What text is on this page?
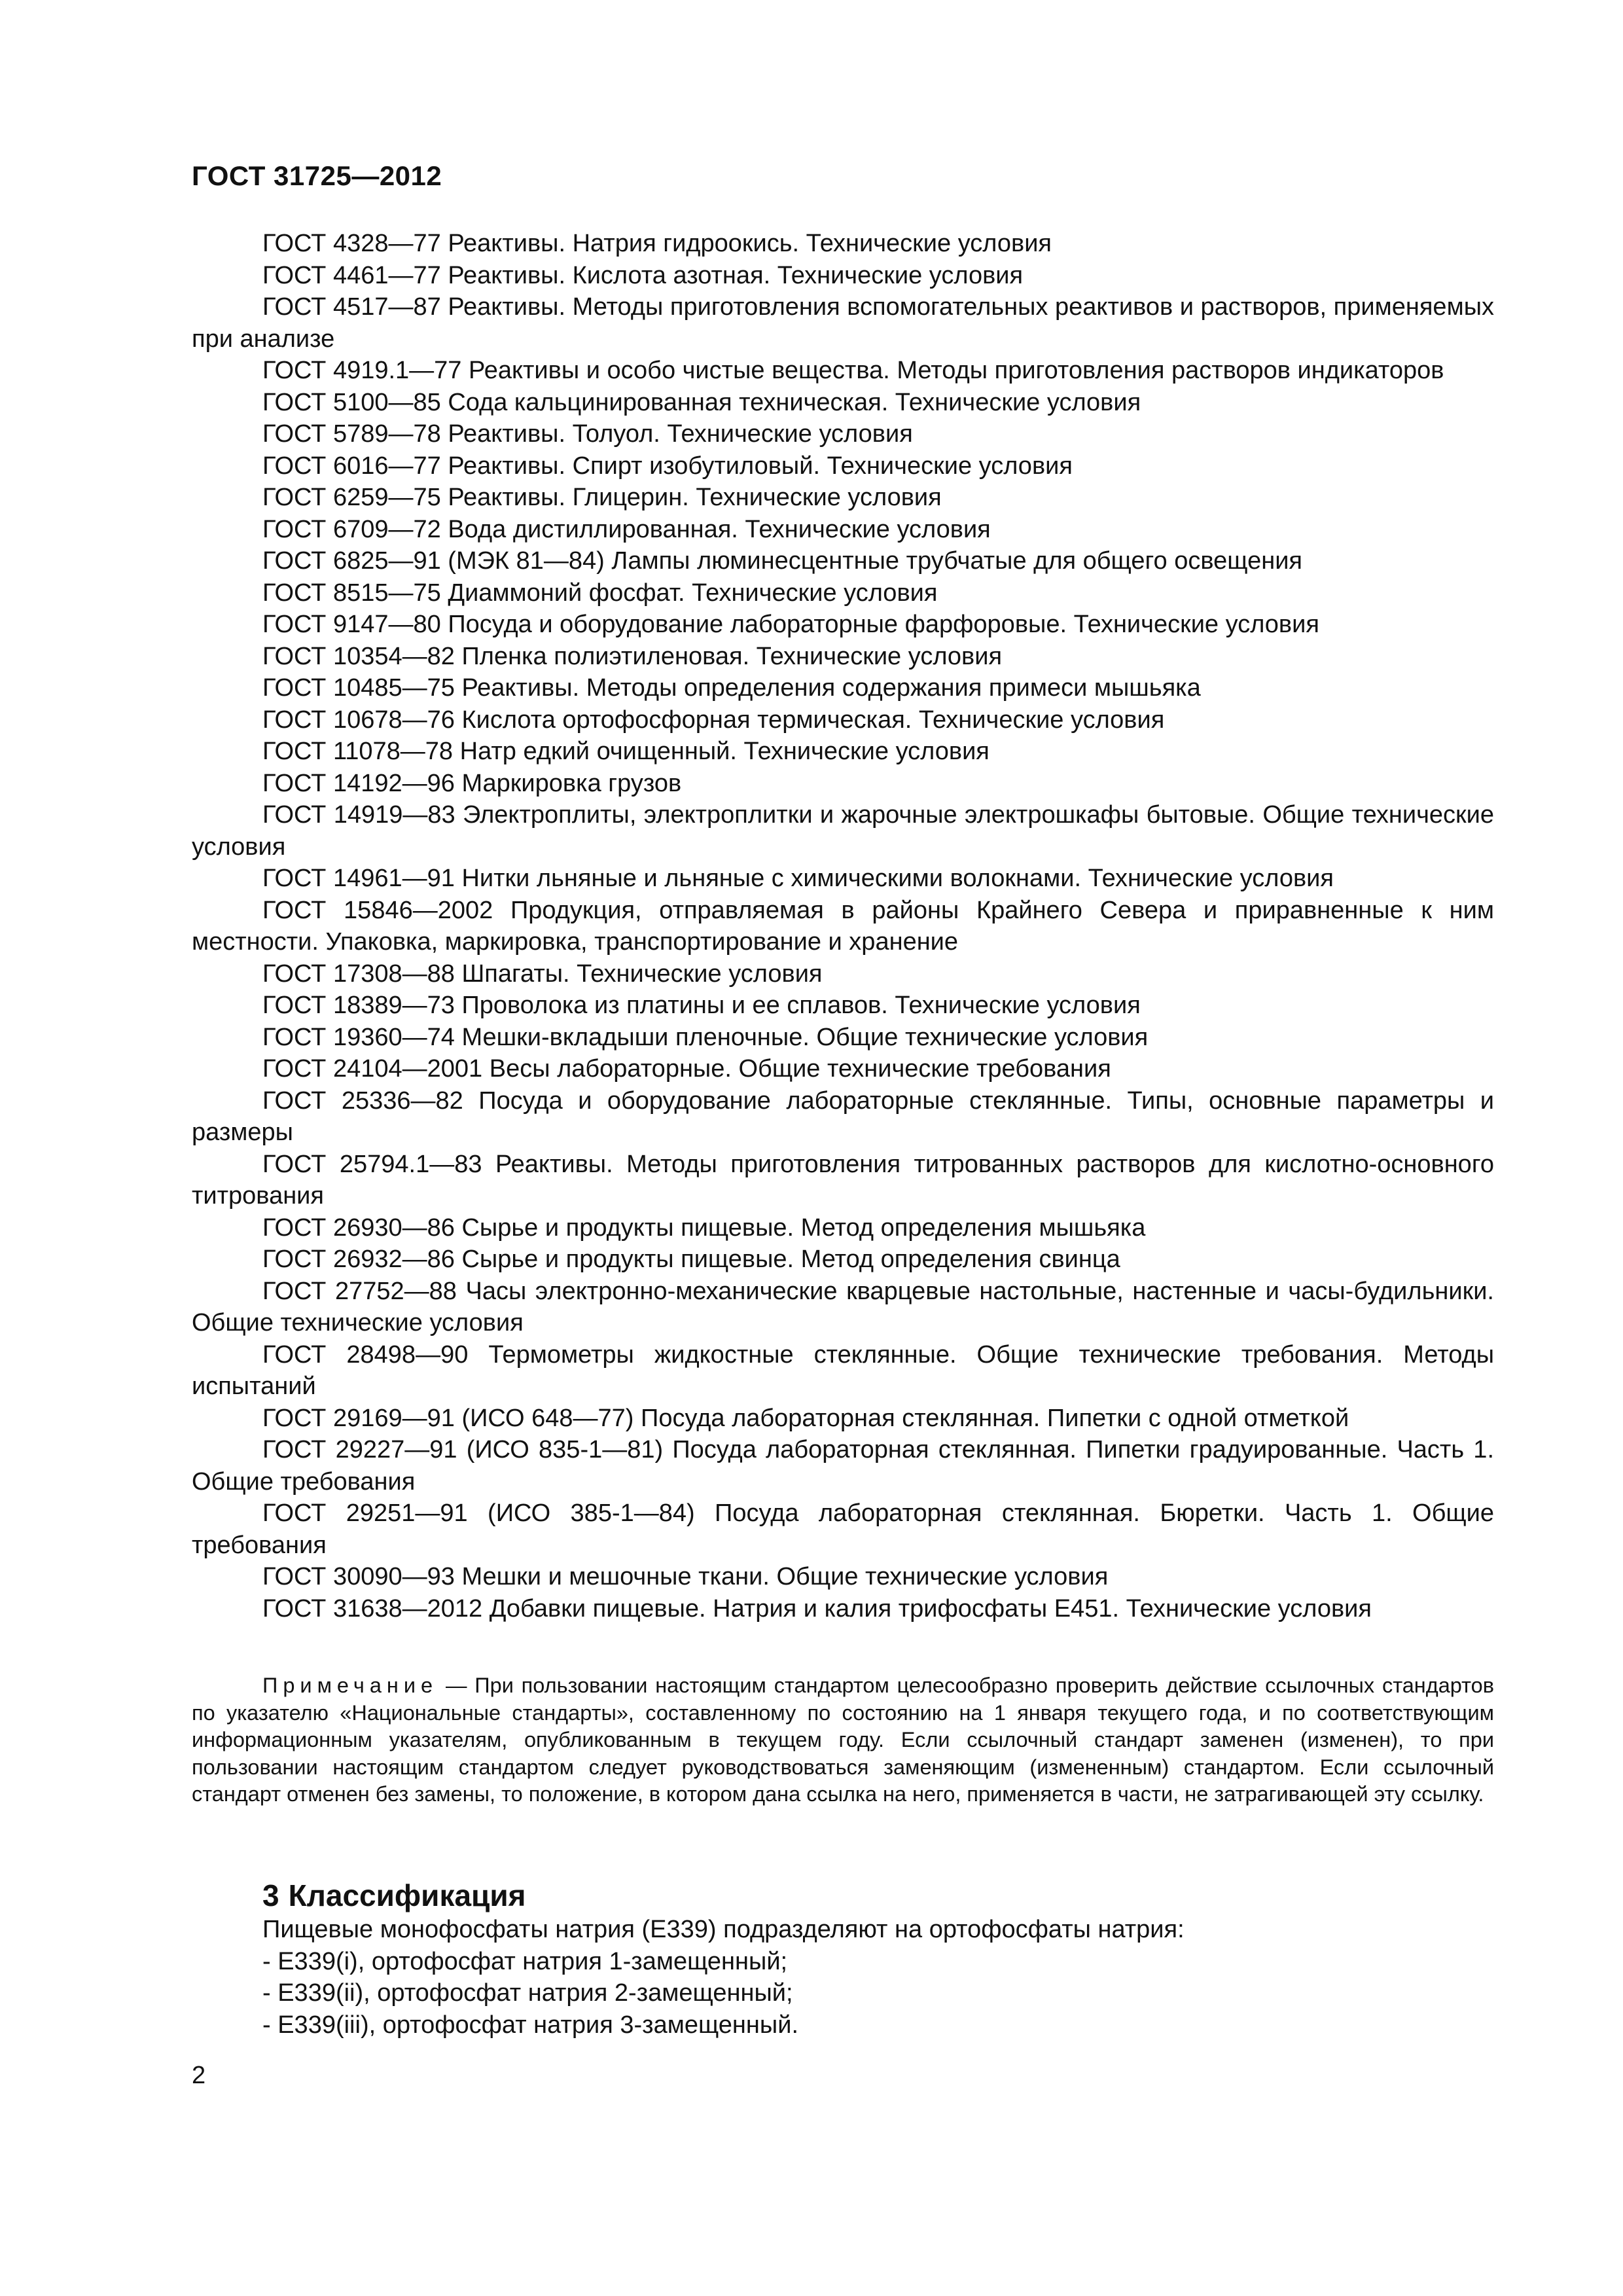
ГОСТ 31725—2012
ГОСТ 4328—77 Реактивы. Натрия гидроокись. Технические условия
ГОСТ 4461—77 Реактивы. Кислота азотная. Технические условия
ГОСТ 4517—87 Реактивы. Методы приготовления вспомогательных реактивов и растворов, применяемых при анализе
ГОСТ 4919.1—77 Реактивы и особо чистые вещества. Методы приготовления растворов индикаторов
ГОСТ 5100—85 Сода кальцинированная техническая. Технические условия
ГОСТ 5789—78 Реактивы. Толуол. Технические условия
ГОСТ 6016—77 Реактивы. Спирт изобутиловый. Технические условия
ГОСТ 6259—75 Реактивы. Глицерин. Технические условия
ГОСТ 6709—72 Вода дистиллированная. Технические условия
ГОСТ 6825—91 (МЭК 81—84) Лампы люминесцентные трубчатые для общего освещения
ГОСТ 8515—75 Диаммоний фосфат. Технические условия
ГОСТ 9147—80 Посуда и оборудование лабораторные фарфоровые. Технические условия
ГОСТ 10354—82 Пленка полиэтиленовая. Технические условия
ГОСТ 10485—75 Реактивы. Методы определения содержания примеси мышьяка
ГОСТ 10678—76 Кислота ортофосфорная термическая. Технические условия
ГОСТ 11078—78 Натр едкий очищенный. Технические условия
ГОСТ 14192—96 Маркировка грузов
ГОСТ 14919—83 Электроплиты, электроплитки и жарочные электрошкафы бытовые. Общие технические условия
ГОСТ 14961—91 Нитки льняные и льняные с химическими волокнами. Технические условия
ГОСТ 15846—2002 Продукция, отправляемая в районы Крайнего Севера и приравненные к ним местности. Упаковка, маркировка, транспортирование и хранение
ГОСТ 17308—88 Шпагаты. Технические условия
ГОСТ 18389—73 Проволока из платины и ее сплавов. Технические условия
ГОСТ 19360—74 Мешки-вкладыши пленочные. Общие технические условия
ГОСТ 24104—2001 Весы лабораторные. Общие технические требования
ГОСТ 25336—82 Посуда и оборудование лабораторные стеклянные. Типы, основные параметры и размеры
ГОСТ 25794.1—83 Реактивы. Методы приготовления титрованных растворов для кислотно-основного титрования
ГОСТ 26930—86 Сырье и продукты пищевые. Метод определения мышьяка
ГОСТ 26932—86 Сырье и продукты пищевые. Метод определения свинца
ГОСТ 27752—88 Часы электронно-механические кварцевые настольные, настенные и часы-будильники. Общие технические условия
ГОСТ 28498—90 Термометры жидкостные стеклянные. Общие технические требования. Методы испытаний
ГОСТ 29169—91 (ИСО 648—77) Посуда лабораторная стеклянная. Пипетки с одной отметкой
ГОСТ 29227—91 (ИСО 835-1—81) Посуда лабораторная стеклянная. Пипетки градуированные. Часть 1. Общие требования
ГОСТ 29251—91 (ИСО 385-1—84) Посуда лабораторная стеклянная. Бюретки. Часть 1. Общие требования
ГОСТ 30090—93 Мешки и мешочные ткани. Общие технические условия
ГОСТ 31638—2012 Добавки пищевые. Натрия и калия трифосфаты Е451. Технические условия
Примечание — При пользовании настоящим стандартом целесообразно проверить действие ссылочных стандартов по указателю «Национальные стандарты», составленному по состоянию на 1 января текущего года, и по соответствующим информационным указателям, опубликованным в текущем году. Если ссылочный стандарт заменен (изменен), то при пользовании настоящим стандартом следует руководствоваться заменяющим (измененным) стандартом. Если ссылочный стандарт отменен без замены, то положение, в котором дана ссылка на него, применяется в части, не затрагивающей эту ссылку.
3 Классификация
Пищевые монофосфаты натрия (Е339) подразделяют на ортофосфаты натрия:
- Е339(i), ортофосфат натрия 1-замещенный;
- Е339(ii), ортофосфат натрия 2-замещенный;
- Е339(iii), ортофосфат натрия 3-замещенный.
2
